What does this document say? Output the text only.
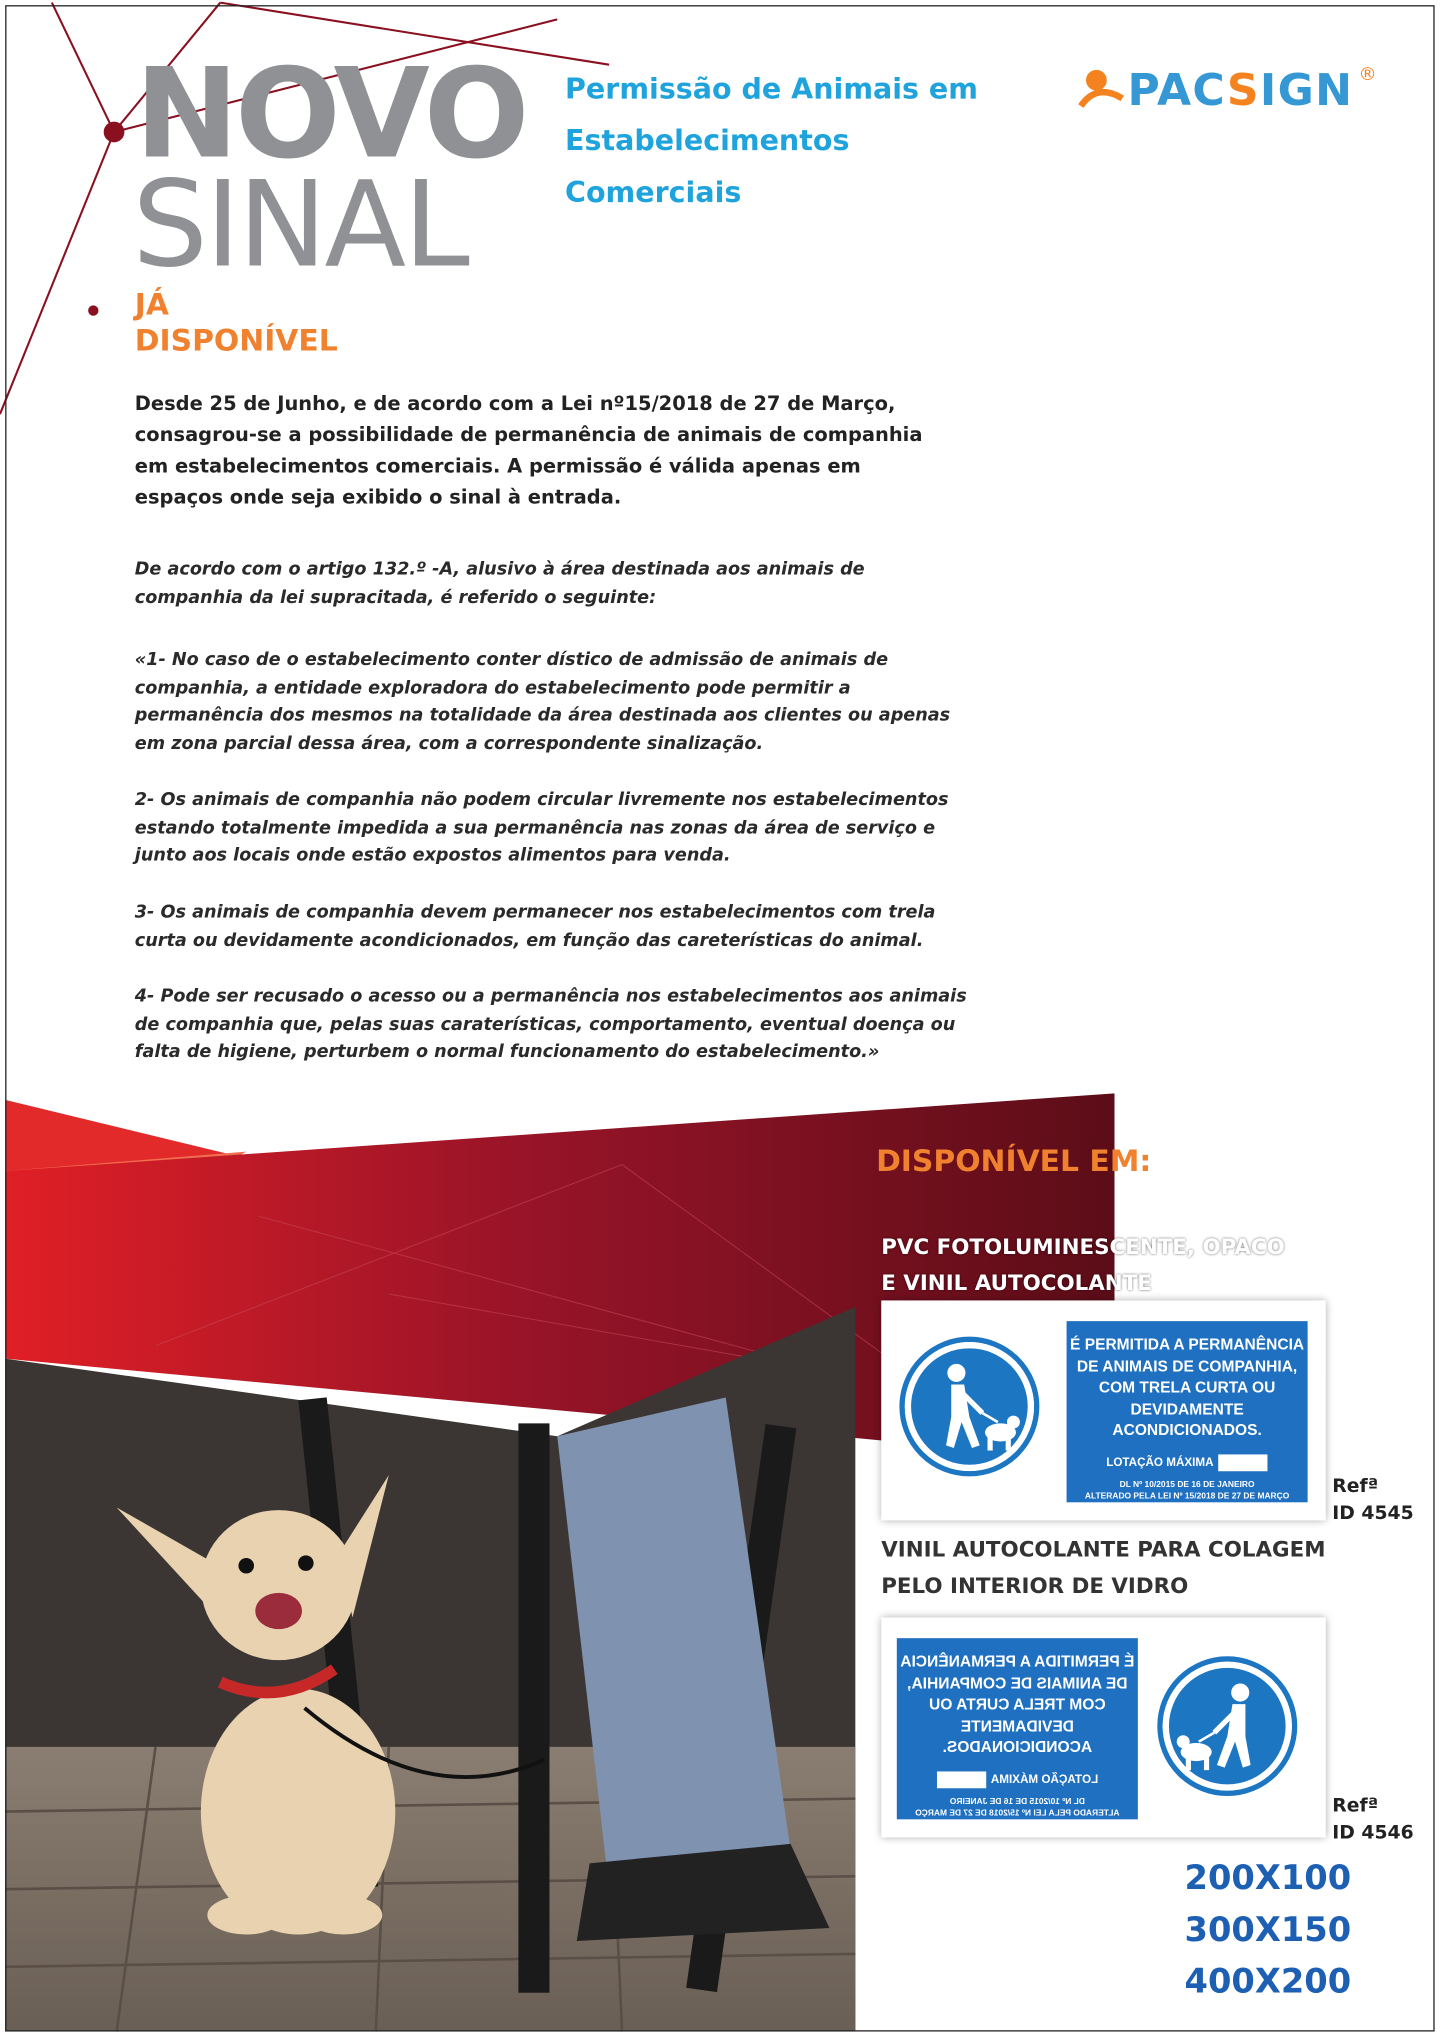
NOVO
SINAL
Permissão de Animais em Estabelecimentos Comerciais
PACSIGN ®
JÁ
DISPONÍVEL
Desde 25 de Junho, e de acordo com a Lei nº15/2018 de 27 de Março, consagrou-se a possibilidade de permanência de animais de companhia em estabelecimentos comerciais. A permissão é válida apenas em espaços onde seja exibido o sinal à entrada.
De acordo com o artigo 132.º -A, alusivo à área destinada aos animais de companhia da lei supracitada, é referido o seguinte:
«1- No caso de o estabelecimento conter dístico de admissão de animais de companhia, a entidade exploradora do estabelecimento pode permitir a permanência dos mesmos na totalidade da área destinada aos clientes ou apenas em zona parcial dessa área, com a correspondente sinalização.
2- Os animais de companhia não podem circular livremente nos estabelecimentos estando totalmente impedida a sua permanência nas zonas da área de serviço e junto aos locais onde estão expostos alimentos para venda.
3- Os animais de companhia devem permanecer nos estabelecimentos com trela curta ou devidamente acondicionados, em função das careterísticas do animal.
4- Pode ser recusado o acesso ou a permanência nos estabelecimentos aos animais de companhia que, pelas suas caraterísticas, comportamento, eventual doença ou falta de higiene, perturbem o normal funcionamento do estabelecimento.»
DISPONÍVEL EM:
PVC FOTOLUMINESCENTE, OPACO
E VINIL AUTOCOLANTE
É PERMITIDA A PERMANÊNCIA DE ANIMAIS DE COMPANHIA, COM TRELA CURTA OU DEVIDAMENTE ACONDICIONADOS.
LOTAÇÃO MÁXIMA
DL Nº 10/2015 DE 16 DE JANEIRO
ALTERADO PELA LEI Nº 15/2018 DE 27 DE MARÇO	Refª
ID 4545
VINIL AUTOCOLANTE PARA COLAGEM
PELO INTERIOR DE VIDRO
É PERMITIDA A PERMANÊNCIA DE ANIMAIS DE COMPANHIA, COM TRELA CURTA OU DEVIDAMENTE ACONDICIONADOS.
LOTAÇÃO MÁXIMA
DL Nº 10/2015 DE 16 DE JANEIRO
ALTERADO PELA LEI Nº 15/2018 DE 27 DE MARÇO	Refª
ID 4546
200X100
300X150
400X200
